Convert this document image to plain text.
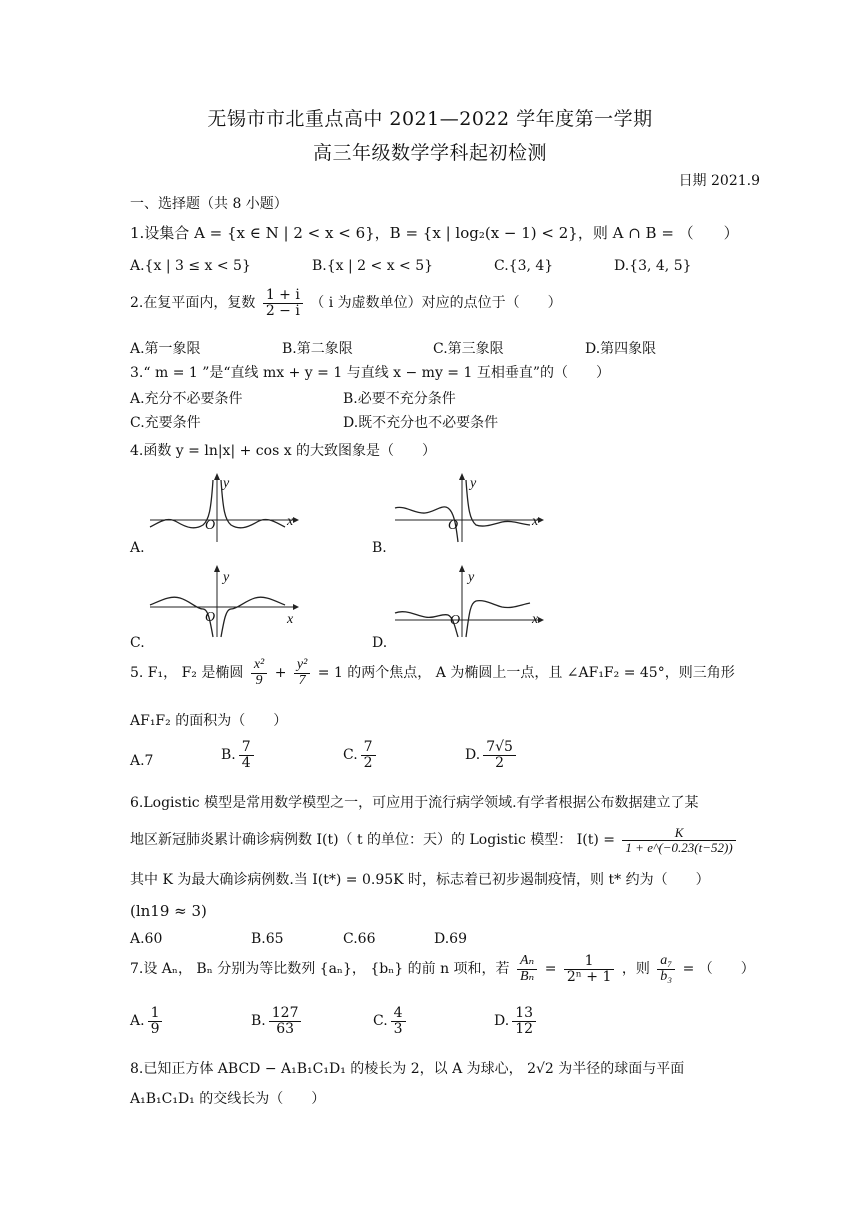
无锡市市北重点高中 2021—2022 学年度第一学期
高三年级数学学科起初检测
日期 2021.9
一、选择题（共 8 小题）
1.设集合 A = {x ∈ N | 2 < x < 6}，B = {x | log₂(x − 1) < 2}，则 A ∩ B = （　　）
A.{x | 3 ≤ x < 5}	B.{x | 2 < x < 5}	C.{3, 4}	D.{3, 4, 5}
2.在复平面内，复数 $\frac{1 + i}{2 - i}$ （ i 为虚数单位）对应的点位于（　　）
A.第一象限	B.第二象限	C.第三象限	D.第四象限
3.“ m = 1 ”是“直线 mx + y = 1 与直线 x − my = 1 互相垂直”的（　　）
A.充分不必要条件	B.必要不充分条件
C.充要条件	D.既不充分也不必要条件
4.函数 y = ln|x| + cos x 的大致图象是（　　）
y
x
O
A.
y
x
O
B.
y
x
O
C.
y
x
O
D.
5. F₁， F₂ 是椭圆 $\frac{\text{x²}}{9} + \frac{\text{y²}}{7} = 1$ 的两个焦点， A 为椭圆上一点，且 ∠AF₁F₂ = 45°，则三角形
AF₁F₂ 的面积为（　　）
A.7	B. $\frac{7}{4}$	C. $\frac{7}{2}$	D. $\frac{7√5}{2}$
6.Logistic 模型是常用数学模型之一，可应用于流行病学领域.有学者根据公布数据建立了某
地区新冠肺炎累计确诊病例数 I(t)（ t 的单位：天）的 Logistic 模型： $I(t) = \frac{K}{1 + e\^{}(-0.23(t-52))}$
其中 K 为最大确诊病例数.当 I(t*) = 0.95K 时，标志着已初步遏制疫情，则 t* 约为（　　）
(ln19 ≈ 3)
A.60	B.65	C.66	D.69
7.设 Aₙ， Bₙ 分别为等比数列 {aₙ}， {bₙ} 的前 n 项和，若 $\frac{\text{Aₙ}}{\text{Bₙ}} = \frac{1}{\text{2ⁿ + 1}}$ ，则 $\frac{\text{a₇}}{\text{b₃}}$ = （　　）
A. $\frac{1}{9}$	B. $\frac{127}{63}$	C. $\frac{4}{3}$	D. $\frac{13}{12}$
8.已知正方体 ABCD − A₁B₁C₁D₁ 的棱长为 2，以 A 为球心， 2√2 为半径的球面与平面
A₁B₁C₁D₁ 的交线长为（　　）
